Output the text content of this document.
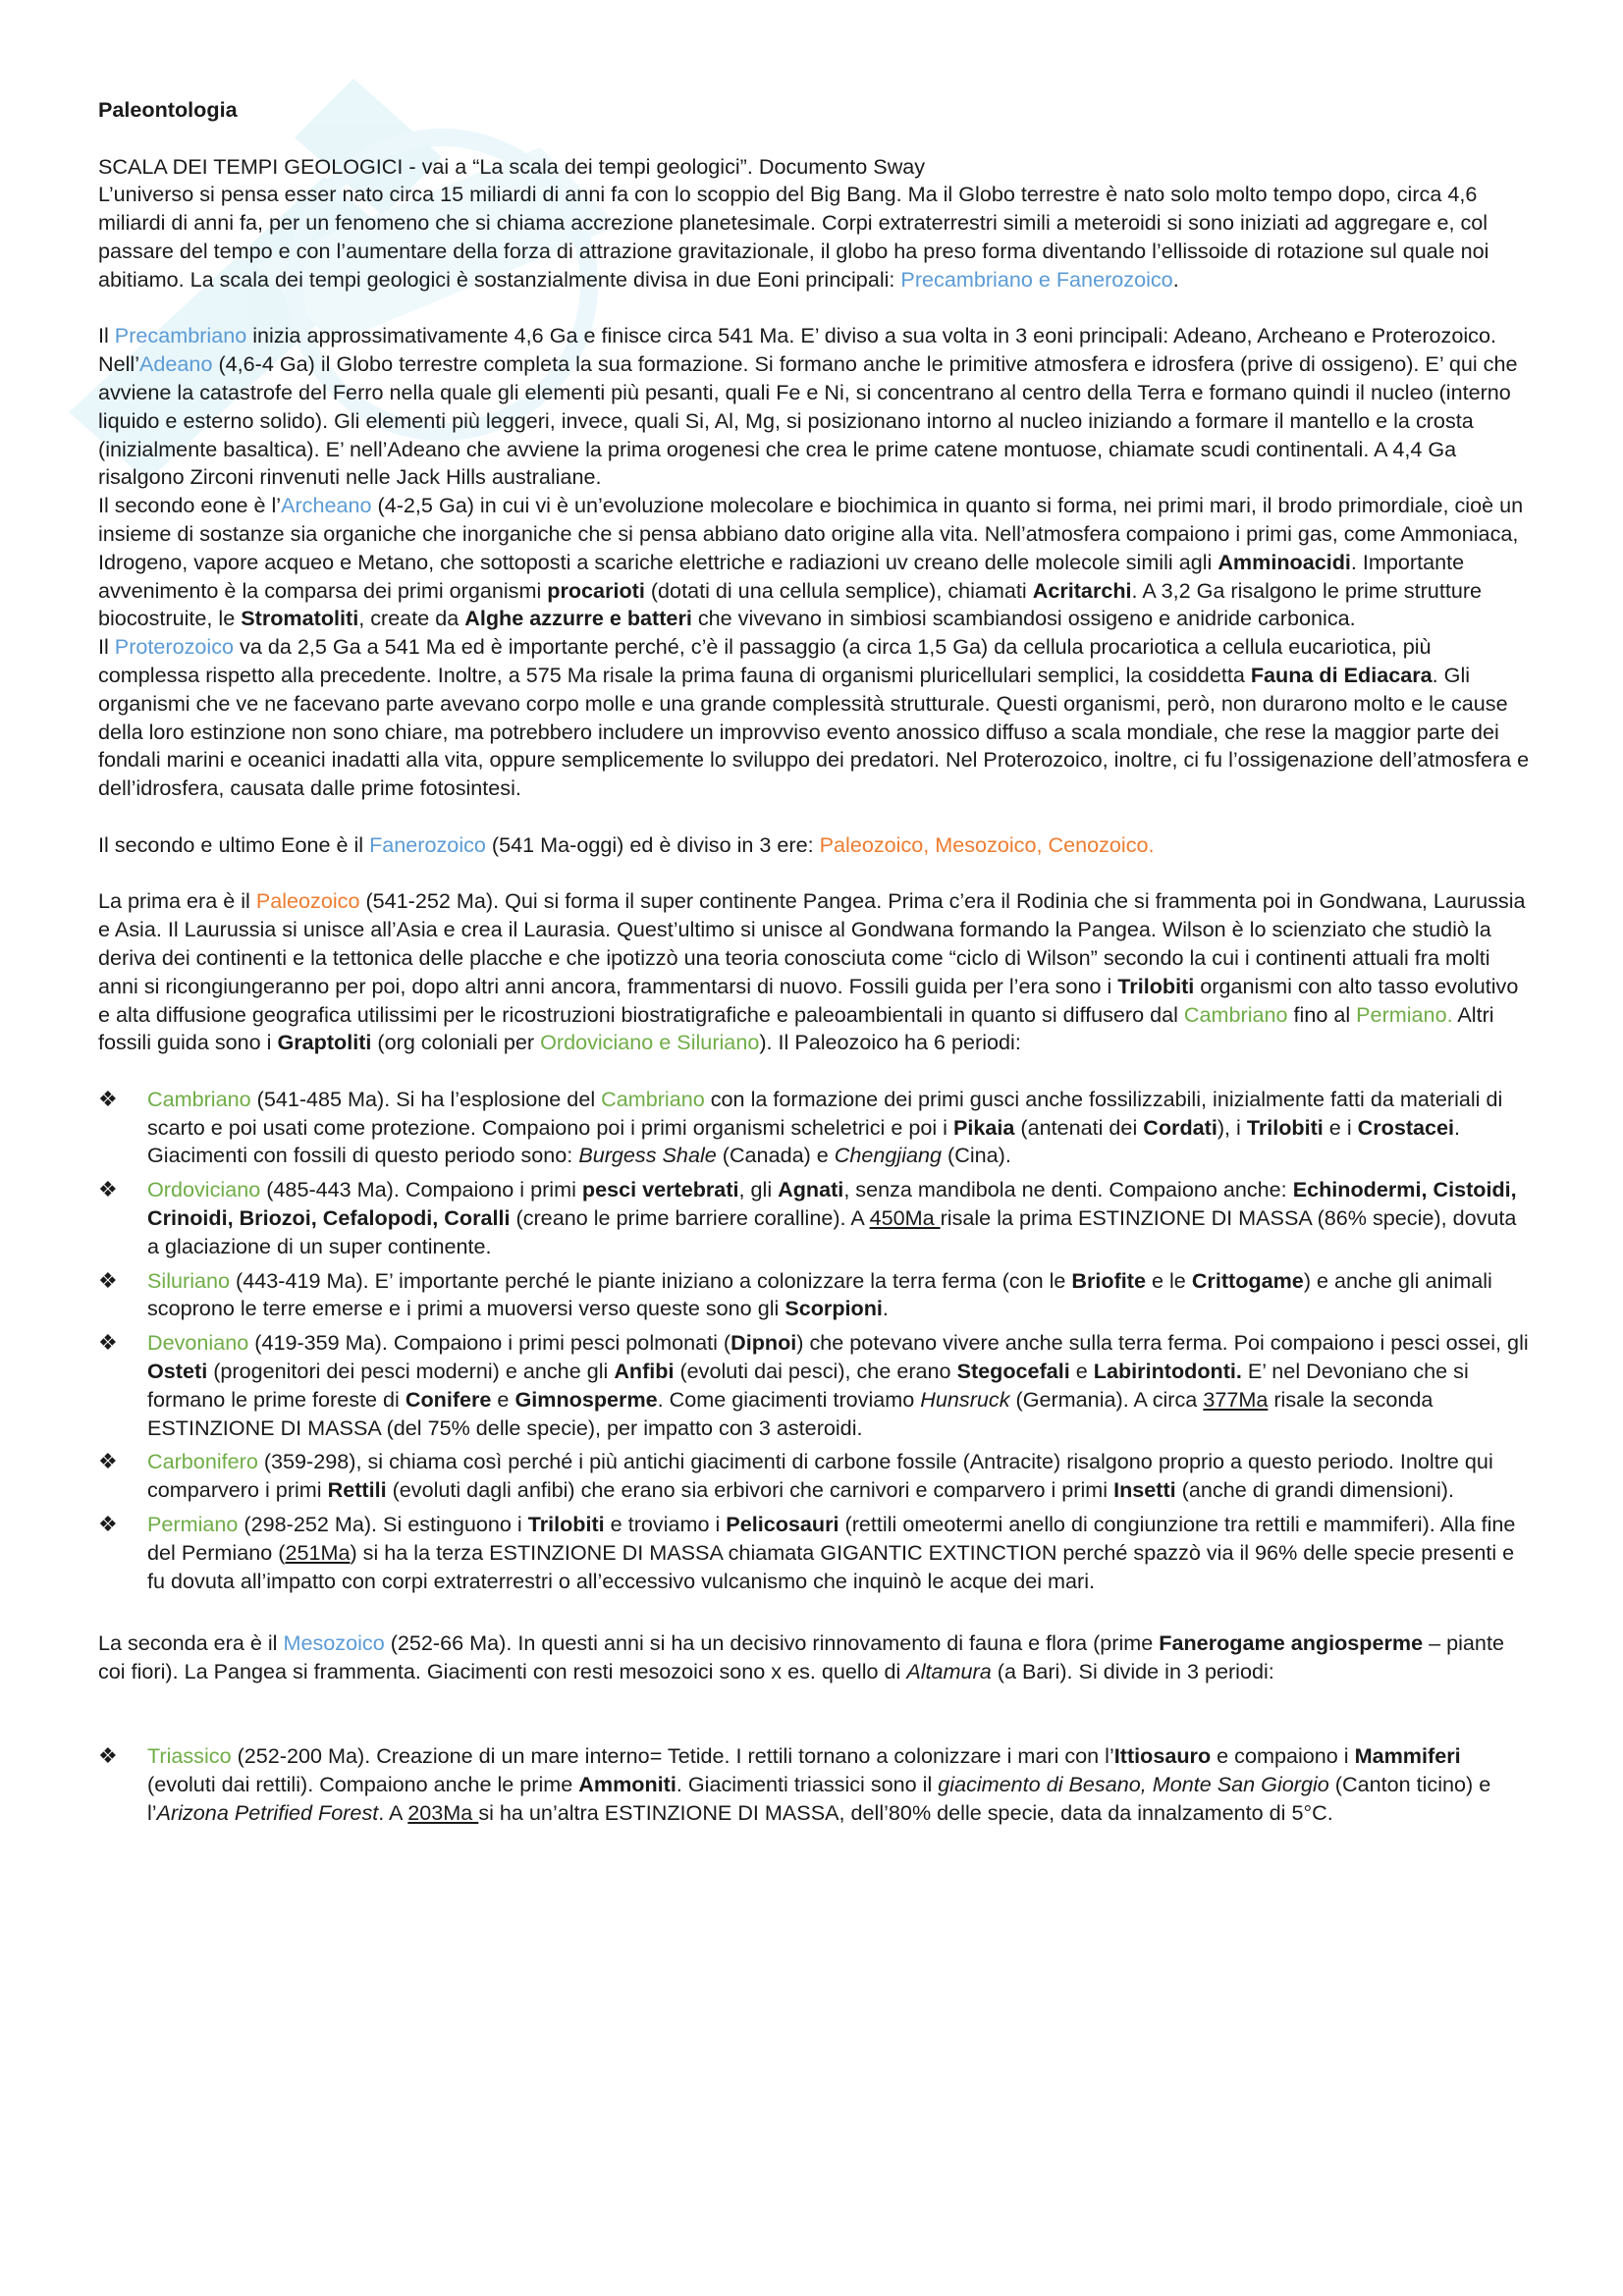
Paleontologia

SCALA DEI TEMPI GEOLOGICI - vai a “La scala dei tempi geologici”. Documento Sway

L’universo si pensa esser nato circa 15 miliardi di anni fa con lo scoppio del Big Bang. Ma il Globo terrestre è nato solo molto tempo dopo, circa 4,6 miliardi di anni fa, per un fenomeno che si chiama accrezione planetesimale. Corpi extraterrestri simili a meteroidi si sono iniziati ad aggregare e, col passare del tempo e con l’aumentare della forza di attrazione gravitazionale, il globo ha preso forma diventando l’ellissoide di rotazione sul quale noi abitiamo. La scala dei tempi geologici è sostanzialmente divisa in due Eoni principali: Precambriano e Fanerozoico.

Il Precambriano inizia approssimativamente 4,6 Ga e finisce circa 541 Ma. E’ diviso a sua volta in 3 eoni principali: Adeano, Archeano e Proterozoico.

Nell’Adeano (4,6-4 Ga) il Globo terrestre completa la sua formazione. Si formano anche le primitive atmosfera e idrosfera (prive di ossigeno). E’ qui che avviene la catastrofe del Ferro nella quale gli elementi più pesanti, quali Fe e Ni, si concentrano al centro della Terra e formano quindi il nucleo (interno liquido e esterno solido). Gli elementi più leggeri, invece, quali Si, Al, Mg, si posizionano intorno al nucleo iniziando a formare il mantello e la crosta (inizialmente basaltica). E’ nell’Adeano che avviene la prima orogenesi che crea le prime catene montuose, chiamate scudi continentali. A 4,4 Ga risalgono Zirconi rinvenuti nelle Jack Hills australiane.

Il secondo eone è l’Archeano (4-2,5 Ga) in cui vi è un’evoluzione molecolare e biochimica in quanto si forma, nei primi mari, il brodo primordiale, cioè un insieme di sostanze sia organiche che inorganiche che si pensa abbiano dato origine alla vita. Nell’atmosfera compaiono i primi gas, come Ammoniaca, Idrogeno, vapore acqueo e Metano, che sottoposti a scariche elettriche e radiazioni uv creano delle molecole simili agli Amminoacidi. Importante avvenimento è la comparsa dei primi organismi procarioti (dotati di una cellula semplice), chiamati Acritarchi. A 3,2 Ga risalgono le prime strutture biocostruite, le Stromatoliti, create da Alghe azzurre e batteri che vivevano in simbiosi scambiandosi ossigeno e anidride carbonica.

Il Proterozoico va da 2,5 Ga a 541 Ma ed è importante perché, c’è il passaggio (a circa 1,5 Ga) da cellula procariotica a cellula eucariotica, più complessa rispetto alla precedente. Inoltre, a 575 Ma risale la prima fauna di organismi pluricellulari semplici, la cosiddetta Fauna di Ediacara. Gli organismi che ve ne facevano parte avevano corpo molle e una grande complessità strutturale. Questi organismi, però, non durarono molto e le cause della loro estinzione non sono chiare, ma potrebbero includere un improvviso evento anossico diffuso a scala mondiale, che rese la maggior parte dei fondali marini e oceanici inadatti alla vita, oppure semplicemente lo sviluppo dei predatori. Nel Proterozoico, inoltre, ci fu l’ossigenazione dell’atmosfera e dell’idrosfera, causata dalle prime fotosintesi.

Il secondo e ultimo Eone è il Fanerozoico (541 Ma-oggi) ed è diviso in 3 ere: Paleozoico, Mesozoico, Cenozoico.

La prima era è il Paleozoico (541-252 Ma). Qui si forma il super continente Pangea. Prima c’era il Rodinia che si frammenta poi in Gondwana, Laurussia e Asia. Il Laurussia si unisce all’Asia e crea il Laurasia. Quest’ultimo si unisce al Gondwana formando la Pangea. Wilson è lo scienziato che studiò la deriva dei continenti e la tettonica delle placche e che ipotizzò una teoria conosciuta come “ciclo di Wilson” secondo la cui i continenti attuali fra molti anni si ricongiungeranno per poi, dopo altri anni ancora, frammentarsi di nuovo. Fossili guida per l’era sono i Trilobiti organismi con alto tasso evolutivo e alta diffusione geografica utilissimi per le ricostruzioni biostratigrafiche e paleoambientali in quanto si diffusero dal Cambriano fino al Permiano. Altri fossili guida sono i Graptoliti (org coloniali per Ordoviciano e Siluriano). Il Paleozoico ha 6 periodi:

❖ Cambriano (541-485 Ma). Si ha l’esplosione del Cambriano con la formazione dei primi gusci anche fossilizzabili, inizialmente fatti da materiali di scarto e poi usati come protezione. Compaiono poi i primi organismi scheletrici e poi i Pikaia (antenati dei Cordati), i Trilobiti e i Crostacei. Giacimenti con fossili di questo periodo sono: Burgess Shale (Canada) e Chengjiang (Cina).
❖ Ordoviciano (485-443 Ma). Compaiono i primi pesci vertebrati, gli Agnati, senza mandibola ne denti. Compaiono anche: Echinodermi, Cistoidi, Crinoidi, Briozoi, Cefalopodi, Coralli (creano le prime barriere coralline). A 450Ma risale la prima ESTINZIONE DI MASSA (86% specie), dovuta a glaciazione di un super continente.
❖ Siluriano (443-419 Ma). E’ importante perché le piante iniziano a colonizzare la terra ferma (con le Briofite e le Crittogame) e anche gli animali scoprono le terre emerse e i primi a muoversi verso queste sono gli Scorpioni.
❖ Devoniano (419-359 Ma). Compaiono i primi pesci polmonati (Dipnoi) che potevano vivere anche sulla terra ferma. Poi compaiono i pesci ossei, gli Osteti (progenitori dei pesci moderni) e anche gli Anfibi (evoluti dai pesci), che erano Stegocefali e Labirintodonti. E’ nel Devoniano che si formano le prime foreste di Conifere e Gimnosperme. Come giacimenti troviamo Hunsruck (Germania). A circa 377Ma risale la seconda ESTINZIONE DI MASSA (del 75% delle specie), per impatto con 3 asteroidi.
❖ Carbonifero (359-298), si chiama così perché i più antichi giacimenti di carbone fossile (Antracite) risalgono proprio a questo periodo. Inoltre qui comparvero i primi Rettili (evoluti dagli anfibi) che erano sia erbivori che carnivori e comparvero i primi Insetti (anche di grandi dimensioni).
❖ Permiano (298-252 Ma). Si estinguono i Trilobiti e troviamo i Pelicosauri (rettili omeotermi anello di congiunzione tra rettili e mammiferi). Alla fine del Permiano (251Ma) si ha la terza ESTINZIONE DI MASSA chiamata GIGANTIC EXTINCTION perché spazzò via il 96% delle specie presenti e fu dovuta all’impatto con corpi extraterrestri o all’eccessivo vulcanismo che inquinò le acque dei mari.

La seconda era è il Mesozoico (252-66 Ma). In questi anni si ha un decisivo rinnovamento di fauna e flora (prime Fanerogame angiosperme – piante coi fiori). La Pangea si frammenta. Giacimenti con resti mesozoici sono x es. quello di Altamura (a Bari). Si divide in 3 periodi:

❖ Triassico (252-200 Ma). Creazione di un mare interno= Tetide. I rettili tornano a colonizzare i mari con l’Ittiosauro e compaiono i Mammiferi (evoluti dai rettili). Compaiono anche le prime Ammoniti. Giacimenti triassici sono il giacimento di Besano, Monte San Giorgio (Canton ticino) e l’Arizona Petrified Forest. A 203Ma si ha un’altra ESTINZIONE DI MASSA, dell’80% delle specie, data da innalzamento di 5°C.
